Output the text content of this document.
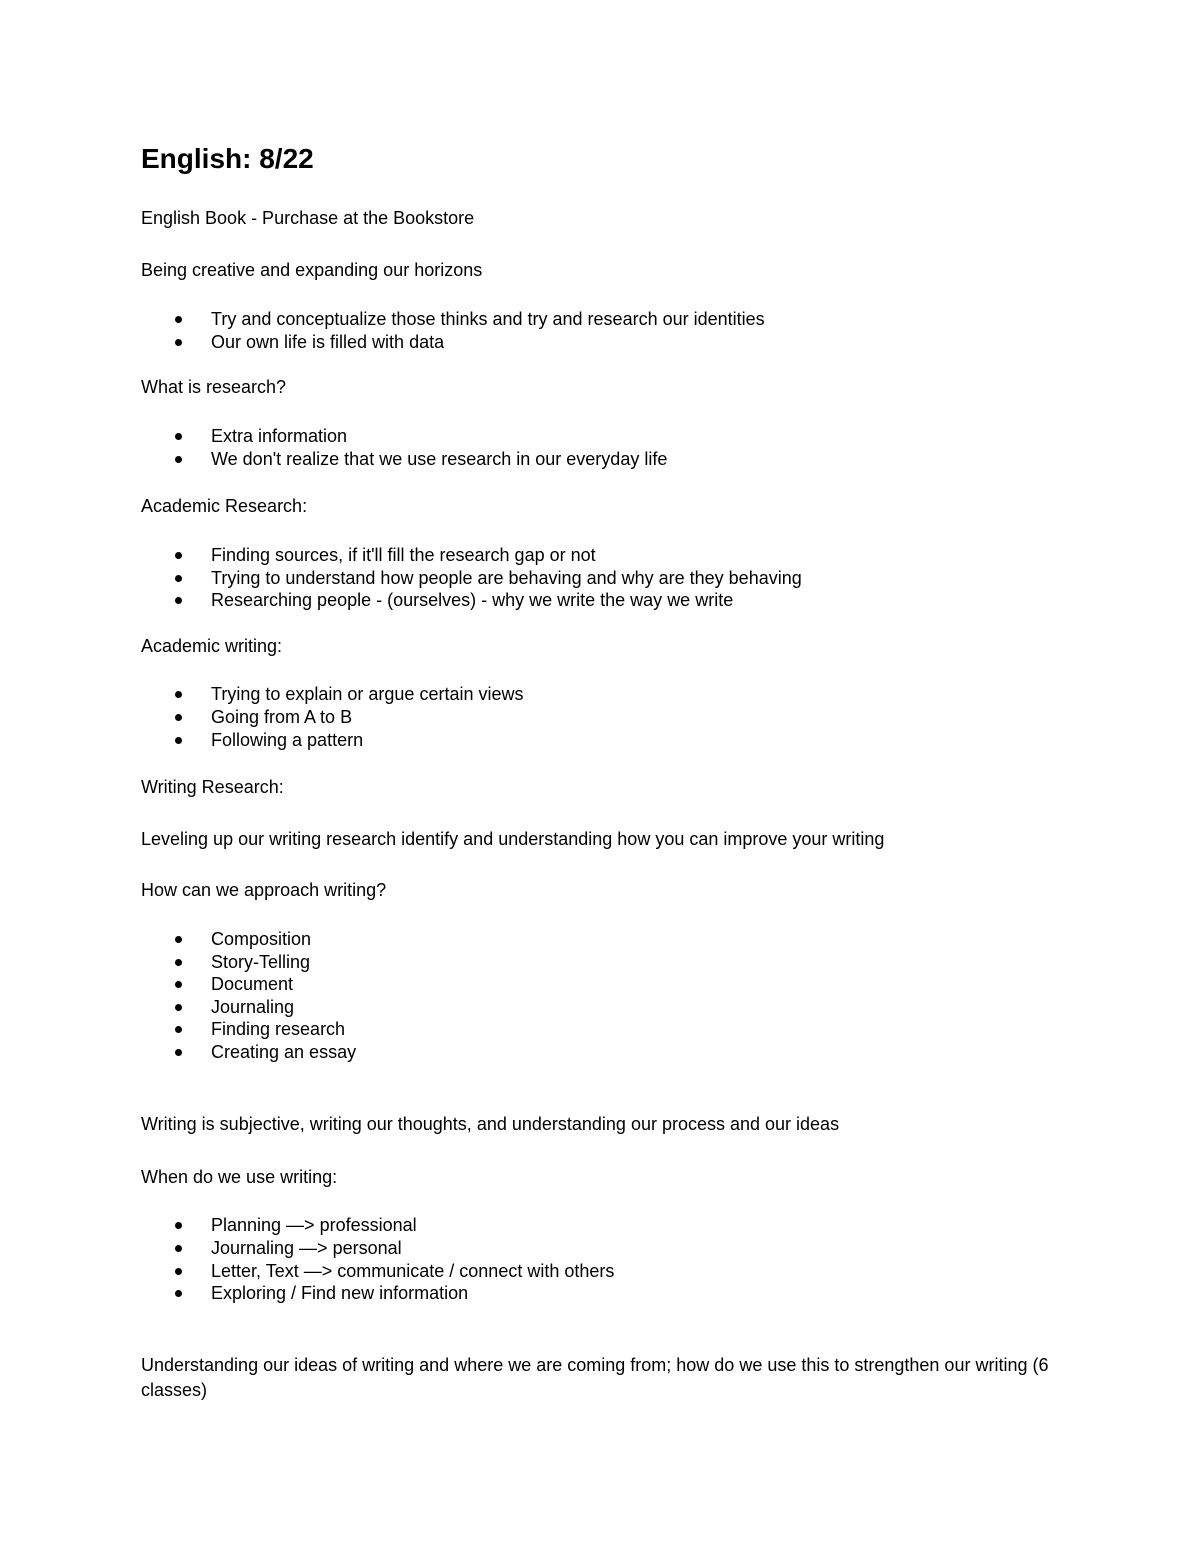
English: 8/22

English Book - Purchase at the Bookstore

Being creative and expanding our horizons

Try and conceptualize those thinks and try and research our identities

Our own life is filled with data

What is research?

Extra information

We don't realize that we use research in our everyday life

Academic Research:

Finding sources, if it'll fill the research gap or not

Trying to understand how people are behaving and why are they behaving

Researching people - (ourselves) - why we write the way we write

Academic writing:

Trying to explain or argue certain views

Going from A to B

Following a pattern

Writing Research:

Leveling up our writing research identify and understanding how you can improve your writing

How can we approach writing?

Composition

Story-Telling

Document

Journaling

Finding research

Creating an essay

Writing is subjective, writing our thoughts, and understanding our process and our ideas

When do we use writing:

Planning —> professional

Journaling —> personal

Letter, Text —> communicate / connect with others

Exploring / Find new information

Understanding our ideas of writing and where we are coming from; how do we use this to strengthen our writing (6 classes)
